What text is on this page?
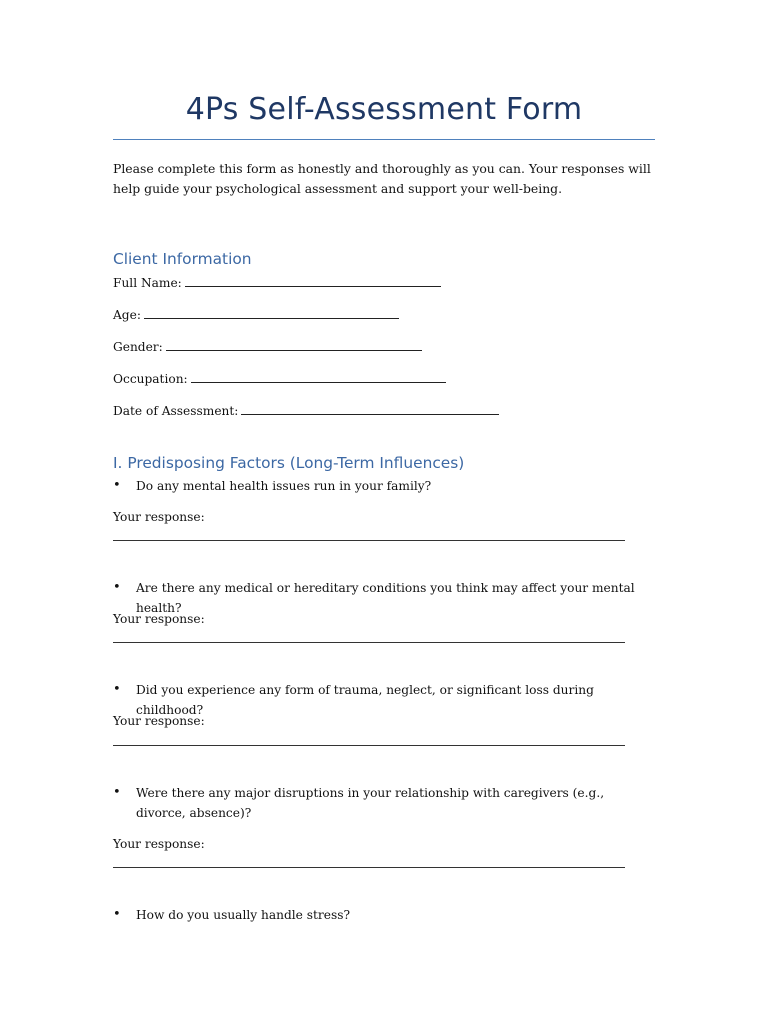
4Ps Self-Assessment Form
Please complete this form as honestly and thoroughly as you can. Your responses will help guide your psychological assessment and support your well-being.
Client Information
Full Name:
Age:
Gender:
Occupation:
Date of Assessment:
I. Predisposing Factors (Long-Term Influences)
• Do any mental health issues run in your family?
Your response:
• Are there any medical or hereditary conditions you think may affect your mental health?
Your response:
• Did you experience any form of trauma, neglect, or significant loss during childhood?
Your response:
• Were there any major disruptions in your relationship with caregivers (e.g., divorce, absence)?
Your response:
• How do you usually handle stress?
